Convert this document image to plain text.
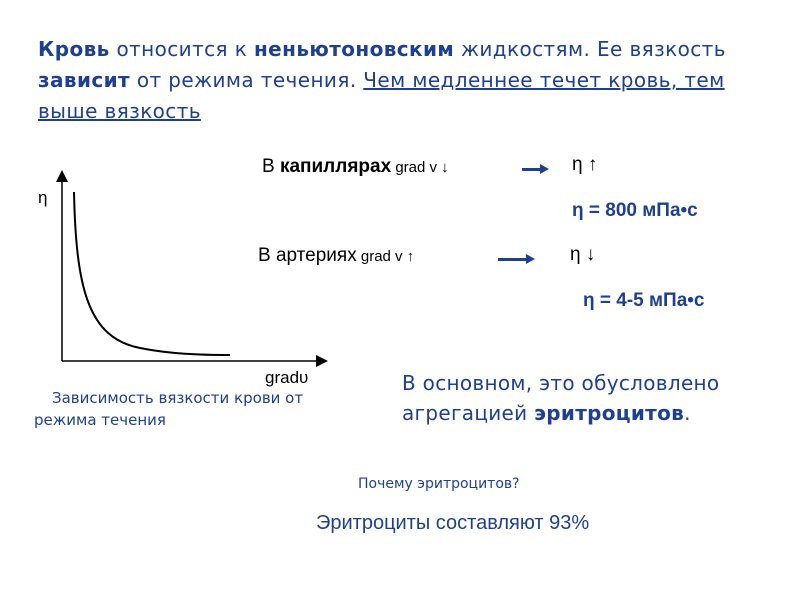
Кровь относится к неньютоновским жидкостям. Ее вязкость зависит от режима течения. Чем медленнее течет кровь, тем выше вязкость
В капиллярах grad v ↓	η ↑
η = 800 мПа•с
В артериях grad v ↑	η ↓
η = 4-5 мПа•с
η
gradυ
Зависимость вязкости крови от
режима течения
В основном, это обусловлено агрегацией эритроцитов.
Почему эритроцитов?
Эритроциты составляют 93%
